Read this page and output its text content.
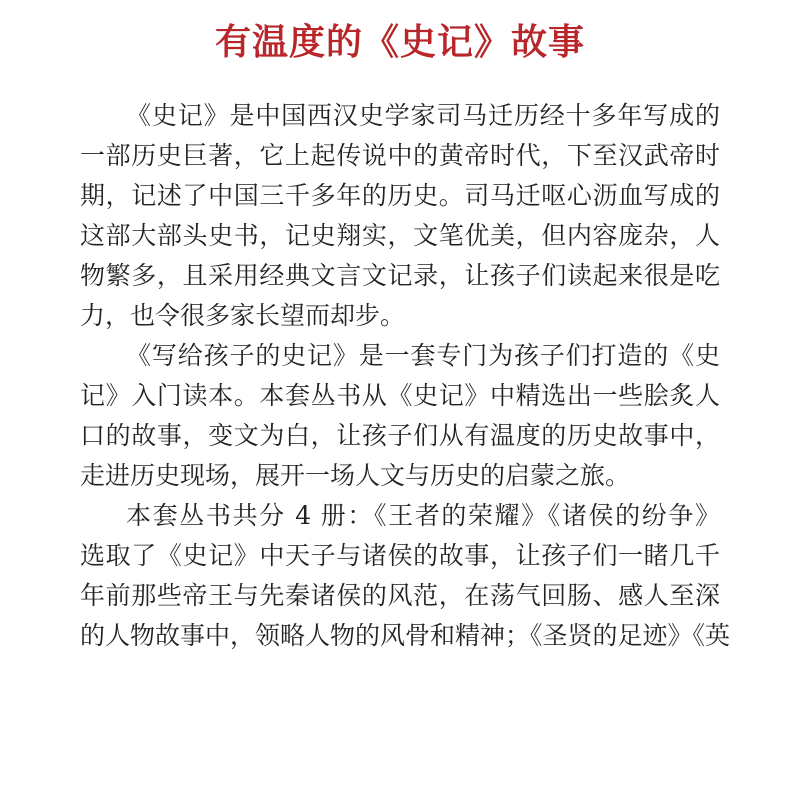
有温度的《史记》故事
《史记》是中国西汉史学家司马迁历经十多年写成的
一部历史巨著，它上起传说中的黄帝时代，下至汉武帝时
期，记述了中国三千多年的历史。司马迁呕心沥血写成的
这部大部头史书，记史翔实，文笔优美，但内容庞杂，人
物繁多，且采用经典文言文记录，让孩子们读起来很是吃
力，也令很多家长望而却步。
《写给孩子的史记》是一套专门为孩子们打造的《史
记》入门读本。本套丛书从《史记》中精选出一些脍炙人
口的故事，变文为白，让孩子们从有温度的历史故事中，
走进历史现场，展开一场人文与历史的启蒙之旅。
本套丛书共分 4 册：《王者的荣耀》《诸侯的纷争》
选取了《史记》中天子与诸侯的故事，让孩子们一睹几千
年前那些帝王与先秦诸侯的风范，在荡气回肠、感人至深
的人物故事中，领略人物的风骨和精神；《圣贤的足迹》《英
